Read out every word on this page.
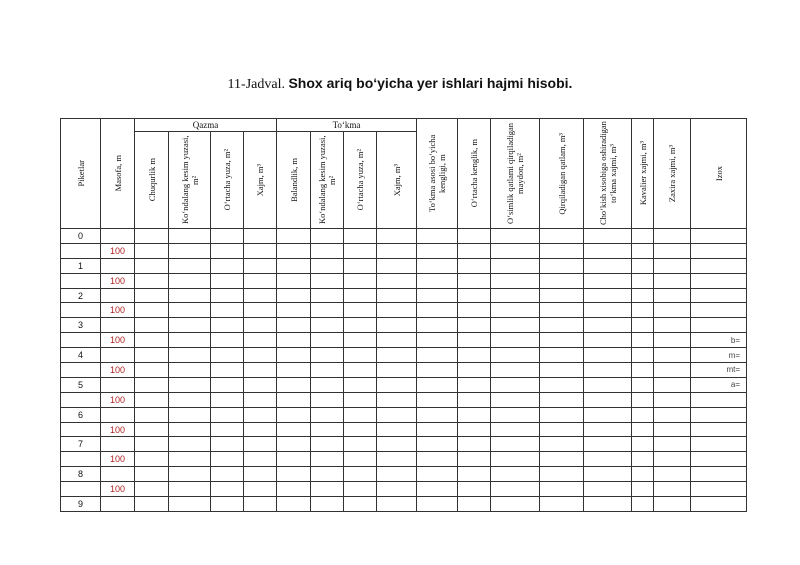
11-Jadval. Shox ariq bo‘yicha yer ishlari hajmi hisobi.
Piketlar	Masofa, m	Qazma				To‘kma				To‘kma asosi bo‘yicha kengligi, m	O‘rtacha kenglik, m	O‘simlik qatlami qirqiladigan maydon, m²	Qirqiladigan qatlam, m³	Cho‘kish xisobiga oshiradigan to‘kma xajmi, m³	Kavalier xajmi, m³	Zaxira xajmi, m³	Izox

		Chuqurlik m	Ko‘ndalang kesim yuzasi, m²	O‘rtacha yuza, m²	Xajm, m³	Balandlik, m	Ko‘ndalang kesim yuzasi, m²	O‘rtacha yuza, m²	Xajm, m³								

0																	
	100																
1																	
	100																
2																	
	100																
3																	
	100																b=
4																	m=
	100																mt=
5																	a=
	100																
6																	
	100																
7																	
	100																
8																	
	100																
9																	
